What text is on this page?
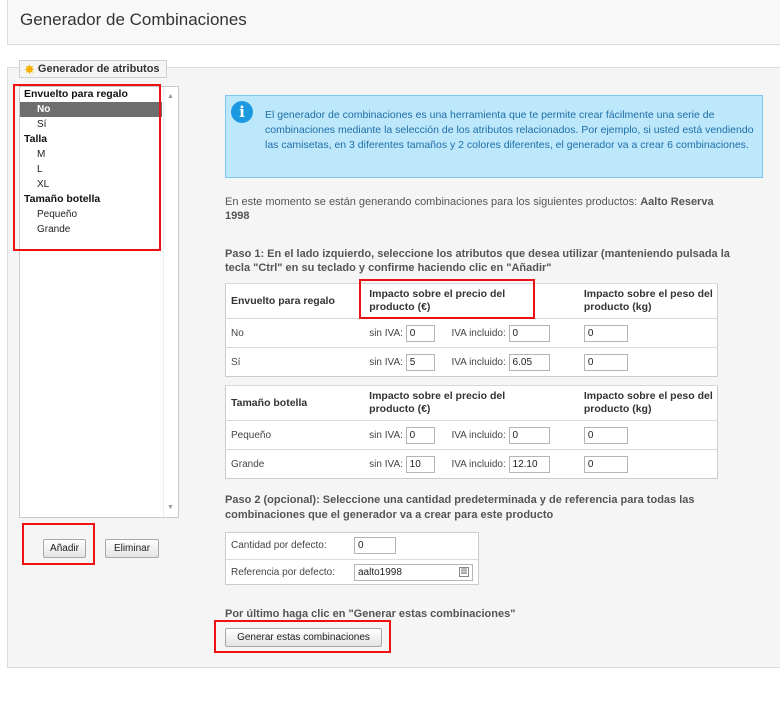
Generador de Combinaciones
✸ Generador de atributos
Envuelto para regalo
No
Sí
Talla
M
L
XL
Tamaño botella
Pequeño
Grande
▲
▼
Añadir	Eliminar
i	El generador de combinaciones es una herramienta que te permite crear fácilmente una serie de combinaciones mediante la selección de los atributos relacionados. Por ejemplo, si usted está vendiendo las camisetas, en 3 diferentes tamaños y 2 colores diferentes, el generador va a crear 6 combinaciones.
En este momento se están generando combinaciones para los siguientes productos: Aalto Reserva 1998
Paso 1: En el lado izquierdo, seleccione los atributos que desea utilizar (manteniendo pulsada la tecla "Ctrl" en su teclado y confirme haciendo clic en "Añadir"
Envuelto para regalo	Impacto sobre el precio del producto (€)	Impacto sobre el peso del producto (kg)
No	sin IVA: 0 IVA incluido: 0	0
Sí	sin IVA: 5 IVA incluido: 6.05	0
Tamaño botella	Impacto sobre el precio del producto (€)	Impacto sobre el peso del producto (kg)
Pequeño	sin IVA: 0 IVA incluido: 0	0
Grande	sin IVA: 10 IVA incluido: 12.10	0
Paso 2 (opcional): Seleccione una cantidad predeterminada y de referencia para todas las combinaciones que el generador va a crear para este producto
Cantidad por defecto:	0
Referencia por defecto:	aalto1998	▥
Por último haga clic en "Generar estas combinaciones"
Generar estas combinaciones
